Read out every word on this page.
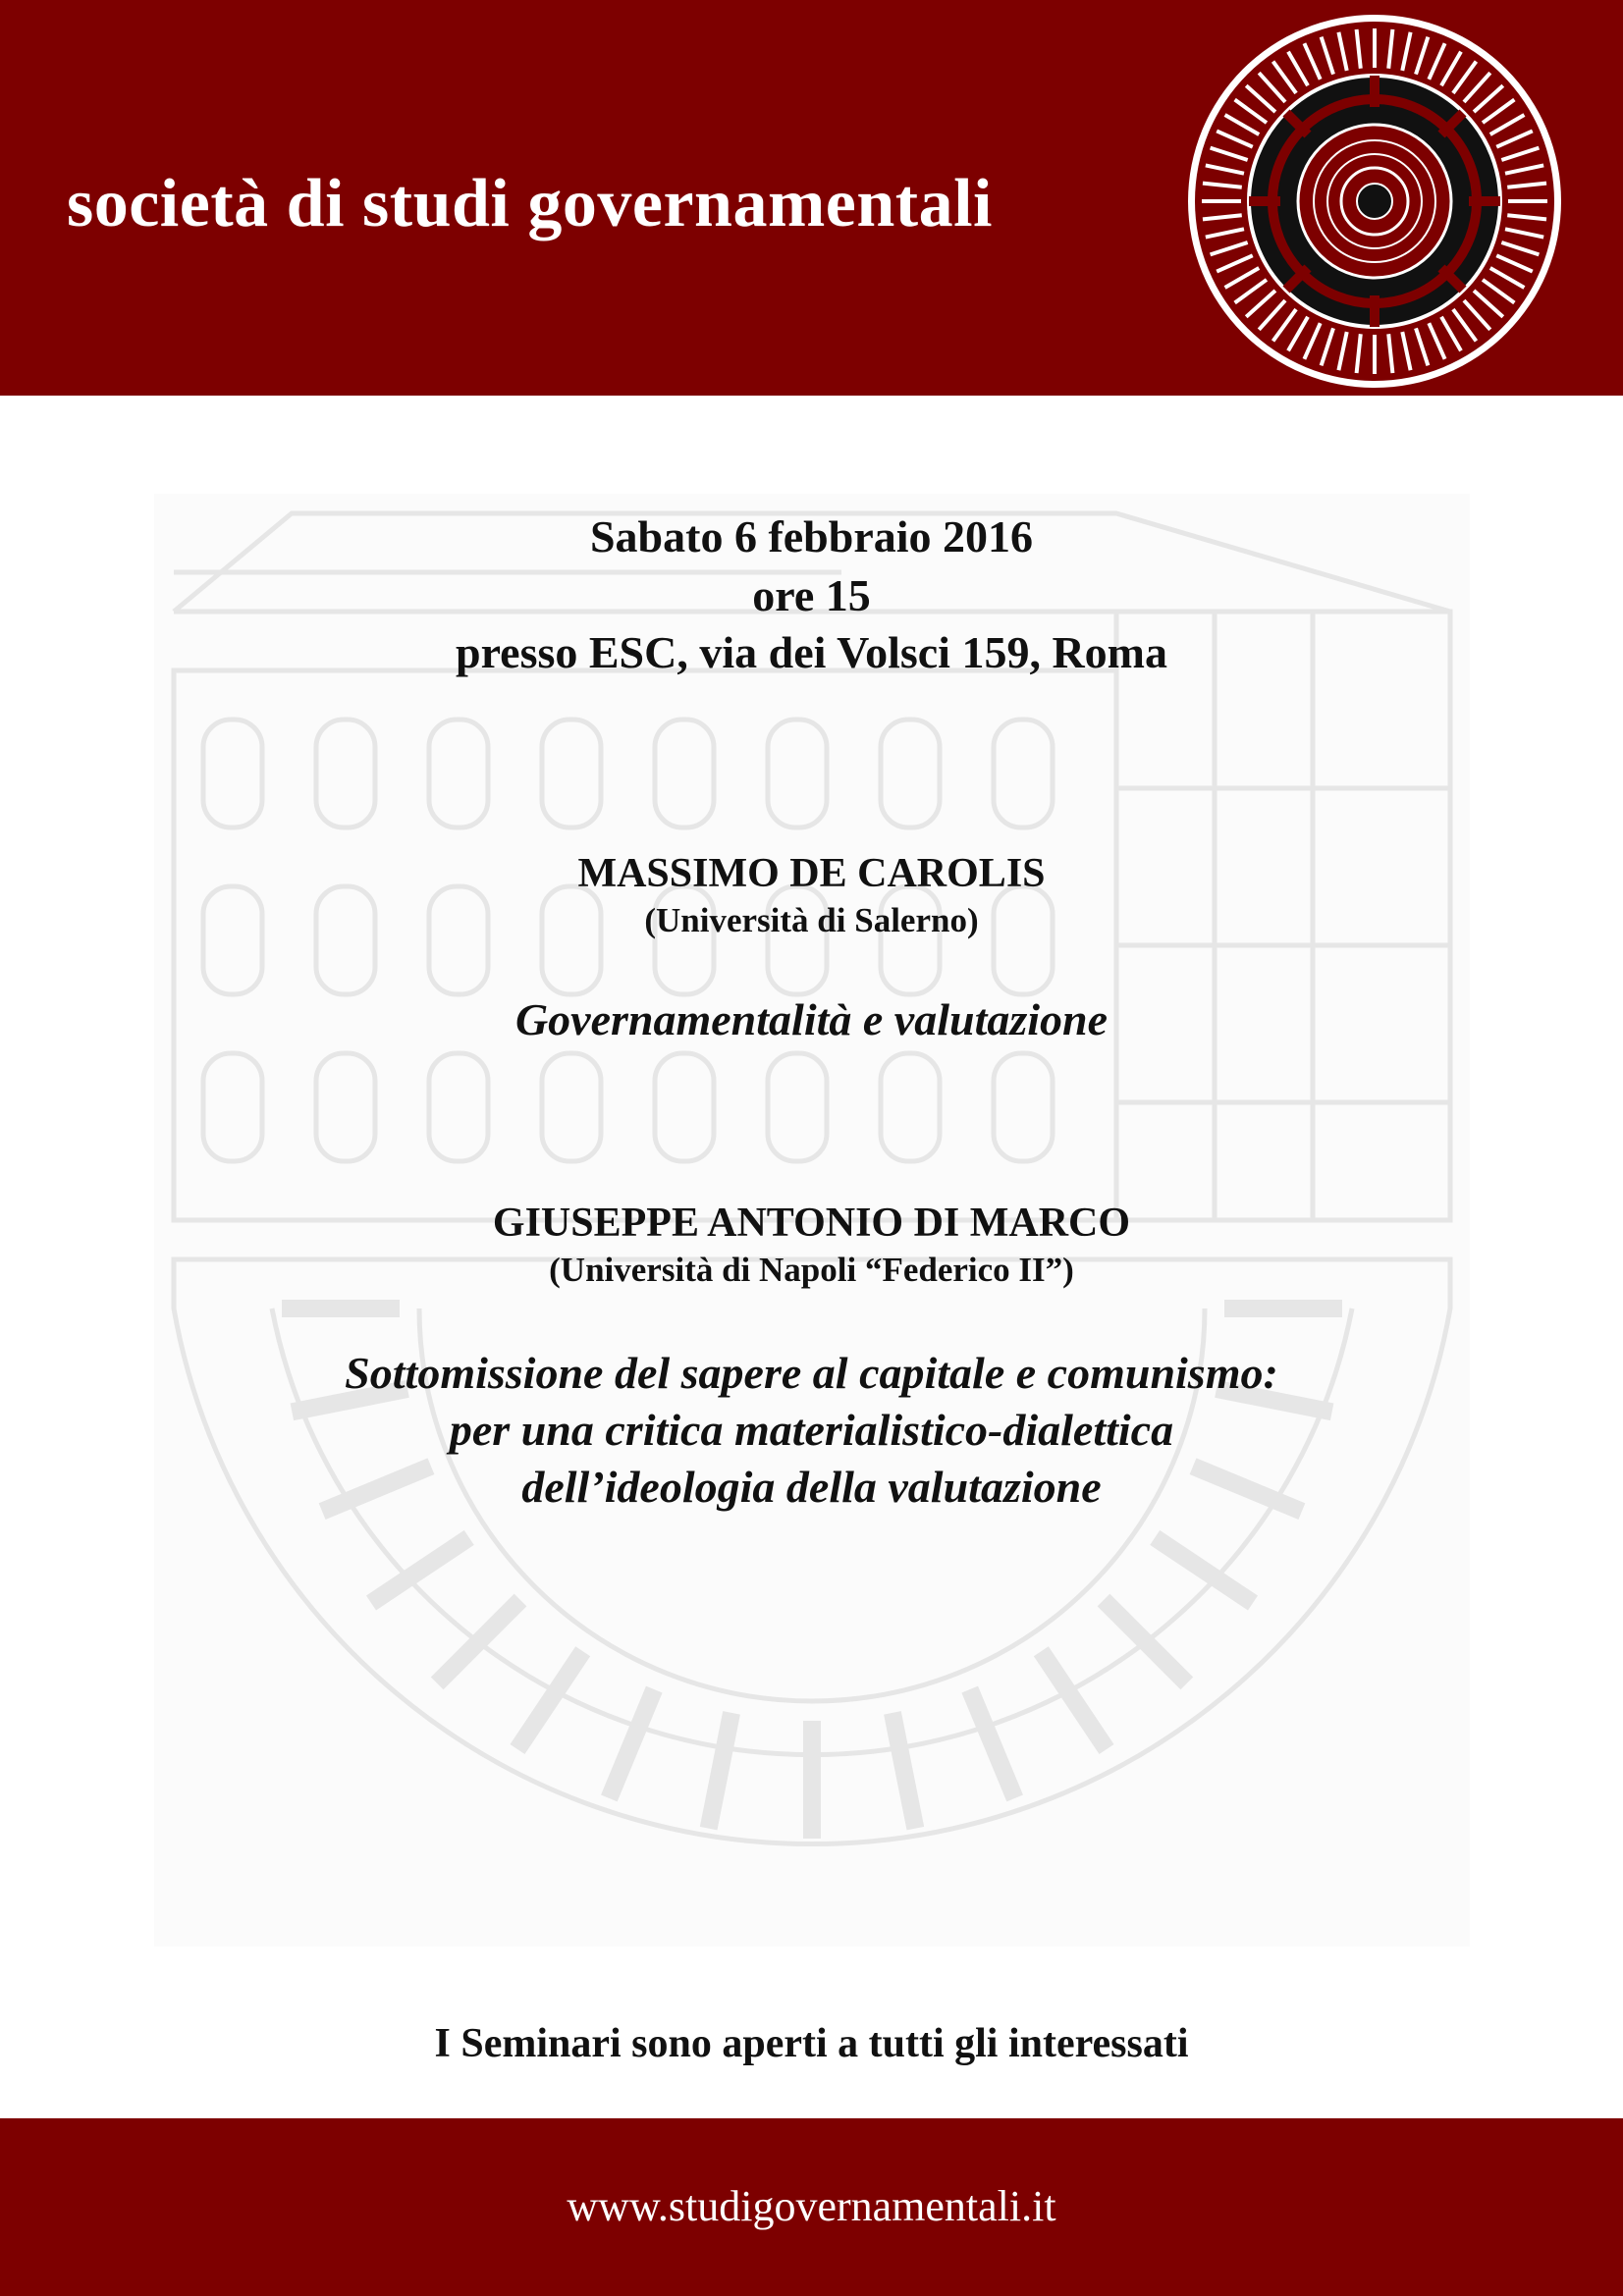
società di studi governamentali
Sabato 6 febbraio 2016
ore 15
presso ESC, via dei Volsci 159, Roma
MASSIMO DE CAROLIS
(Università di Salerno)
Governamentalità e valutazione
GIUSEPPE ANTONIO DI MARCO
(Università di Napoli “Federico II”)
Sottomissione del sapere al capitale e comunismo:
per una critica materialistico-dialettica
dell’ideologia della valutazione
I Seminari sono aperti a tutti gli interessati
www.studigovernamentali.it
